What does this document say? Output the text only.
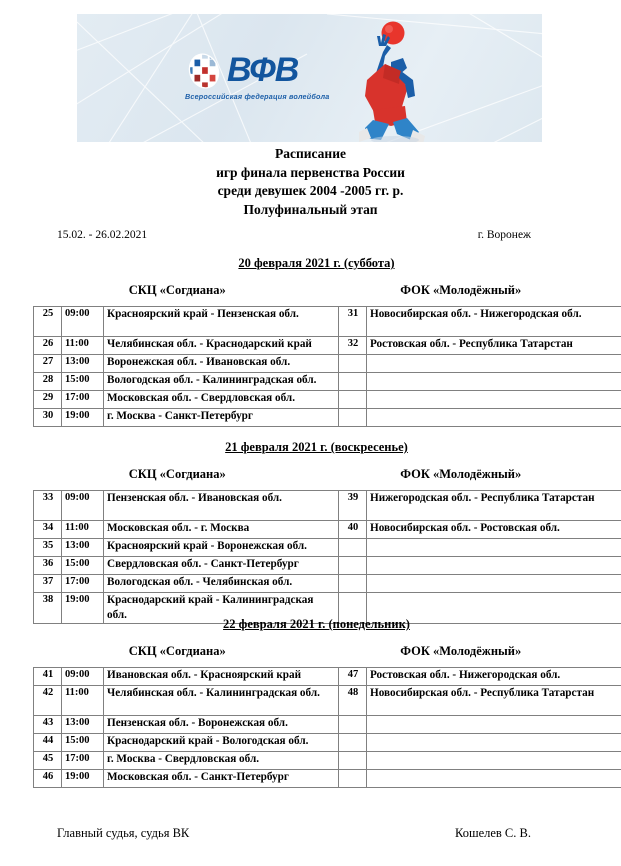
ВФВ
Всероссийская федерация волейбола
Расписание
игр финала первенства России
среди девушек 2004 -2005 гг. р.
Полуфинальный этап
15.02. - 26.02.2021	г. Воронеж
20 февраля 2021 г. (суббота)
СКЦ «Согдиана»	ФОК «Молодёжный»
25	09:00	Красноярский край - Пензенская обл.	31	Новосибирская обл. - Нижегородская обл.
26	11:00	Челябинская обл. - Краснодарский край	32	Ростовская обл. - Республика Татарстан
27	13:00	Воронежская обл. - Ивановская обл.		
28	15:00	Вологодская обл. - Калининградская обл.		
29	17:00	Московская обл. - Свердловская обл.		
30	19:00	г. Москва - Санкт-Петербург		
21 февраля 2021 г. (воскресенье)
СКЦ «Согдиана»	ФОК «Молодёжный»
33	09:00	Пензенская обл. - Ивановская обл.	39	Нижегородская обл. - Республика Татарстан
34	11:00	Московская обл. - г. Москва	40	Новосибирская обл. - Ростовская обл.
35	13:00	Красноярский край - Воронежская обл.		
36	15:00	Свердловская обл. - Санкт-Петербург		
37	17:00	Вологодская обл. - Челябинская обл.		
38	19:00	Краснодарский край - Калининградская обл.		
22 февраля 2021 г. (понедельник)
СКЦ «Согдиана»	ФОК «Молодёжный»
41	09:00	Ивановская обл. - Красноярский край	47	Ростовская обл. - Нижегородская обл.
42	11:00	Челябинская обл. - Калининградская обл.	48	Новосибирская обл. - Республика Татарстан
43	13:00	Пензенская обл. - Воронежская обл.		
44	15:00	Краснодарский край - Вологодская обл.		
45	17:00	г. Москва - Свердловская обл.		
46	19:00	Московская обл. - Санкт-Петербург		
Главный судья, судья ВК	Кошелев С. В.
